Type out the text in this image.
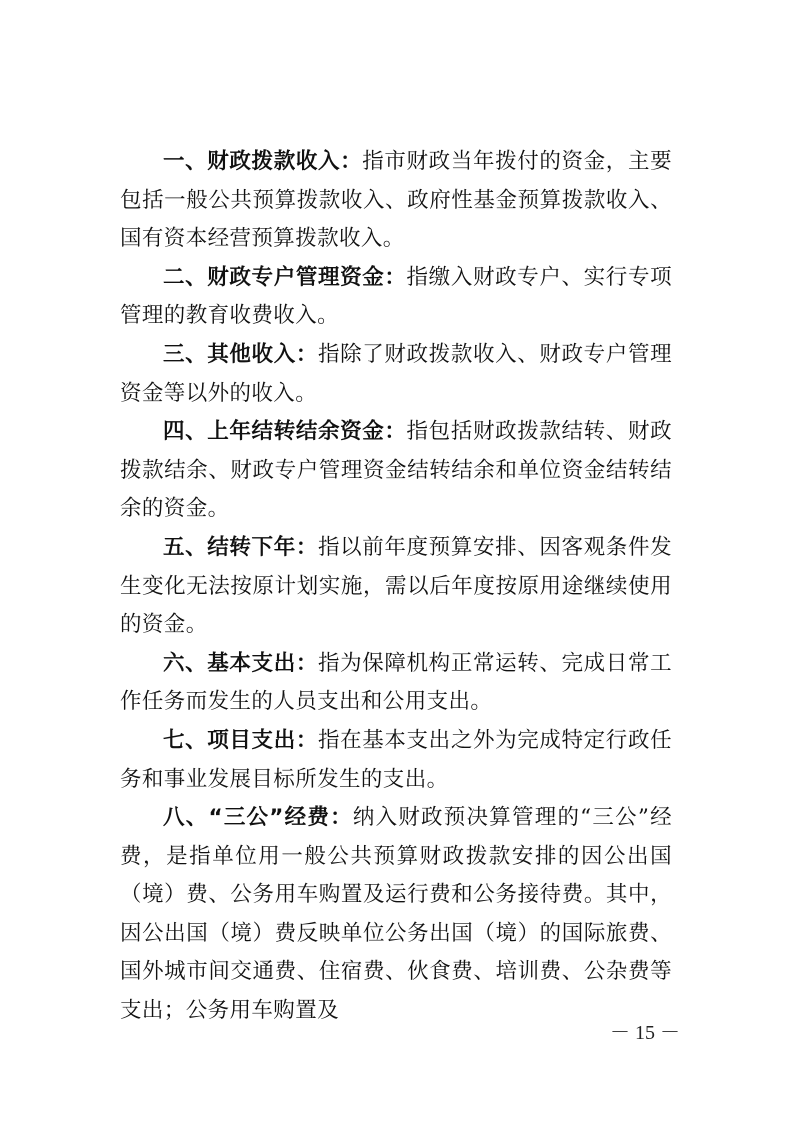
一、财政拨款收入：指市财政当年拨付的资金，主要包括一般公共预算拨款收入、政府性基金预算拨款收入、国有资本经营预算拨款收入。

二、财政专户管理资金：指缴入财政专户、实行专项管理的教育收费收入。

三、其他收入：指除了财政拨款收入、财政专户管理资金等以外的收入。

四、上年结转结余资金：指包括财政拨款结转、财政拨款结余、财政专户管理资金结转结余和单位资金结转结余的资金。

五、结转下年：指以前年度预算安排、因客观条件发生变化无法按原计划实施，需以后年度按原用途继续使用的资金。

六、基本支出：指为保障机构正常运转、完成日常工作任务而发生的人员支出和公用支出。

七、项目支出：指在基本支出之外为完成特定行政任务和事业发展目标所发生的支出。

八、“三公”经费：纳入财政预决算管理的“三公”经费，是指单位用一般公共预算财政拨款安排的因公出国（境）费、公务用车购置及运行费和公务接待费。其中，因公出国（境）费反映单位公务出国（境）的国际旅费、国外城市间交通费、住宿费、伙食费、培训费、公杂费等支出；公务用车购置及

－ 15 －
